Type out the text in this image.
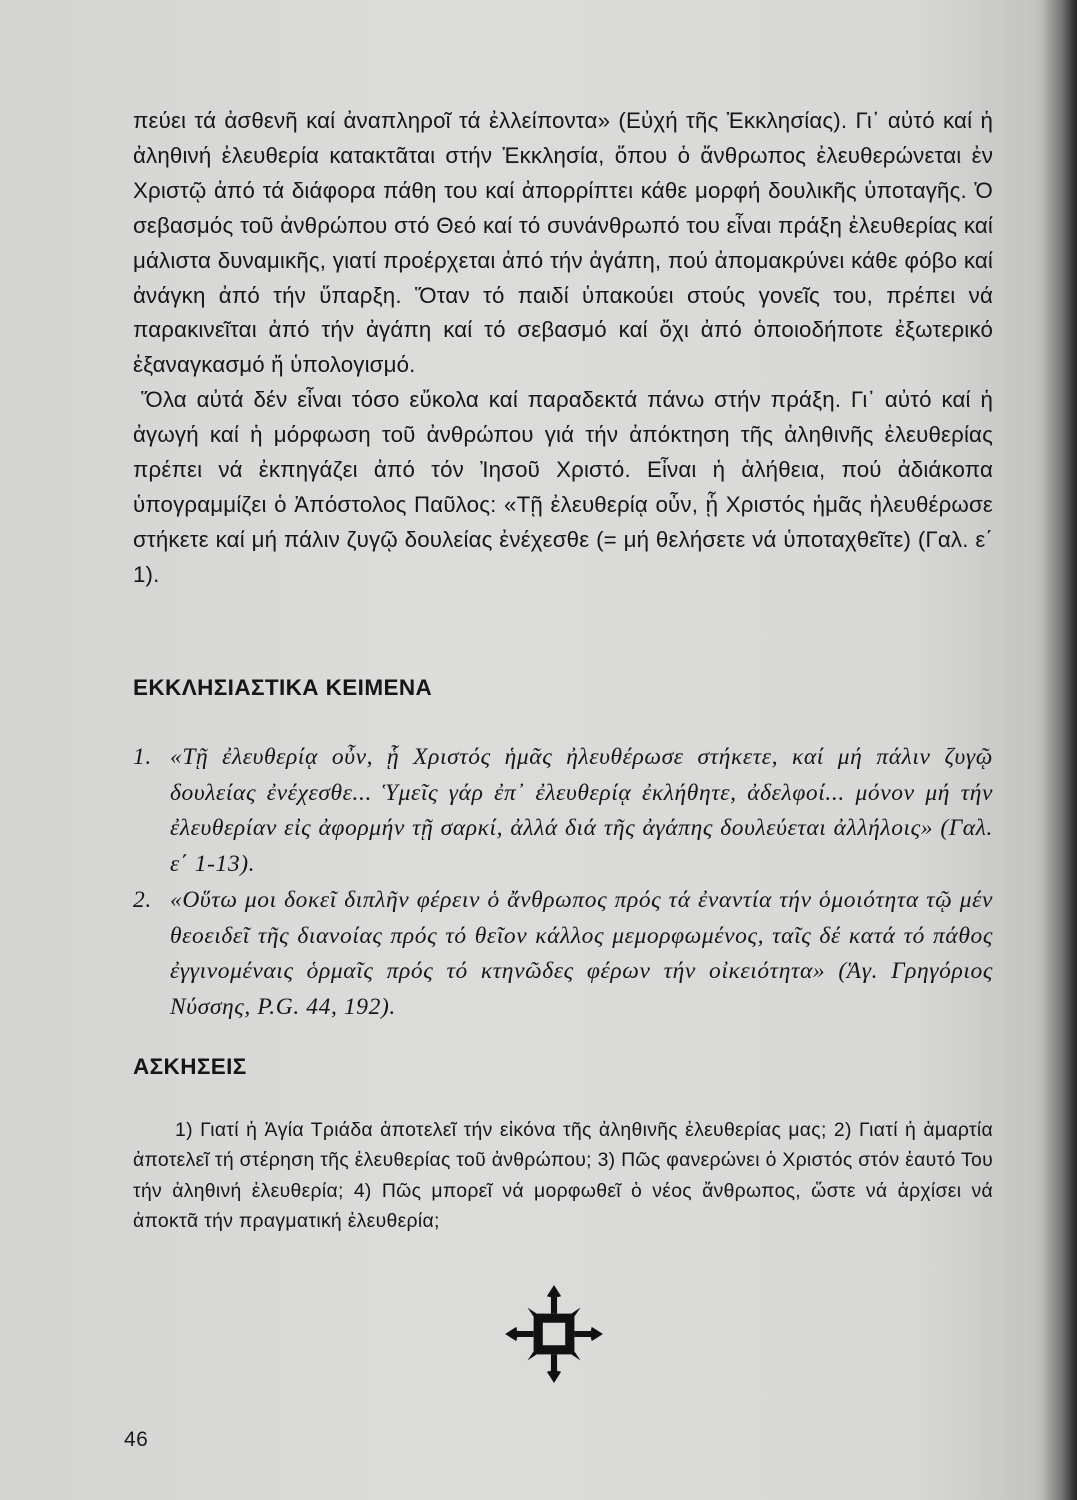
πεύει τά ἀσθενῆ καί ἀναπληροῖ τά ἐλλείποντα» (Εὐχή τῆς Ἐκκλησίας). Γι᾿ αὐτό καί ἡ ἀληθινή ἐλευθερία κατακτᾶται στήν Ἐκκλησία, ὅπου ὁ ἄνθρωπος ἐλευθερώνεται ἐν Χριστῷ ἀπό τά διάφορα πάθη του καί ἀπορρίπτει κάθε μορφή δουλικῆς ὑποταγῆς. Ὁ σεβασμός τοῦ ἀνθρώπου στό Θεό καί τό συνάνθρωπό του εἶναι πράξη ἐλευθερίας καί μάλιστα δυναμικῆς, γιατί προέρχεται ἀπό τήν ἀγάπη, πού ἀπομακρύνει κάθε φόβο καί ἀνάγκη ἀπό τήν ὕπαρξη. Ὅταν τό παιδί ὑπακούει στούς γονεῖς του, πρέπει νά παρακινεῖται ἀπό τήν ἀγάπη καί τό σεβασμό καί ὄχι ἀπό ὁποιοδήποτε ἐξωτερικό ἐξαναγκασμό ἤ ὑπολογισμό.

Ὅλα αὐτά δέν εἶναι τόσο εὔκολα καί παραδεκτά πάνω στήν πράξη. Γι᾿ αὐτό καί ἡ ἀγωγή καί ἡ μόρφωση τοῦ ἀνθρώπου γιά τήν ἀπόκτηση τῆς ἀληθινῆς ἐλευθερίας πρέπει νά ἐκπηγάζει ἀπό τόν Ἰησοῦ Χριστό. Εἶναι ἡ ἀλήθεια, πού ἀδιάκοπα ὑπογραμμίζει ὁ Ἀπόστολος Παῦλος: «Τῇ ἐλευθερίᾳ οὖν, ᾗ Χριστός ἡμᾶς ἠλευθέρωσε στήκετε καί μή πάλιν ζυγῷ δουλείας ἐνέχεσθε (= μή θελήσετε νά ὑποταχθεῖτε) (Γαλ. ε΄ 1).

ΕΚΚΛΗΣΙΑΣΤΙΚΑ ΚΕΙΜΕΝΑ
1. «Τῇ ἐλευθερίᾳ οὖν, ᾗ Χριστός ἡμᾶς ἠλευθέρωσε στήκετε, καί μή πάλιν ζυγῷ δουλείας ἐνέχεσθε... Ὑμεῖς γάρ ἐπ᾿ ἐλευθερίᾳ ἐκλήθητε, ἀδελφοί... μόνον μή τήν ἐλευθερίαν εἰς ἀφορμήν τῇ σαρκί, ἀλλά διά τῆς ἀγάπης δουλεύεται ἀλλήλοις» (Γαλ. ε΄ 1-13).
2. «Οὕτω μοι δοκεῖ διπλῆν φέρειν ὁ ἄνθρωπος πρός τά ἐναντία τήν ὁμοιότητα τῷ μέν θεοειδεῖ τῆς διανοίας πρός τό θεῖον κάλλος μεμορφωμένος, ταῖς δέ κατά τό πάθος ἐγγινομέναις ὁρμαῖς πρός τό κτηνῶδες φέρων τήν οἰκειότητα» (Ἁγ. Γρηγόριος Νύσσης, P.G. 44, 192).
ΑΣΚΗΣΕΙΣ

1) Γιατί ἡ Ἁγία Τριάδα ἀποτελεῖ τήν εἰκόνα τῆς ἀληθινῆς ἐλευθερίας μας; 2) Γιατί ἡ ἁμαρτία ἀποτελεῖ τή στέρηση τῆς ἐλευθερίας τοῦ ἀνθρώπου; 3) Πῶς φανερώνει ὁ Χριστός στόν ἑαυτό Του τήν ἀληθινή ἐλευθερία; 4) Πῶς μπορεῖ νά μορφωθεῖ ὁ νέος ἄνθρωπος, ὥστε νά ἀρχίσει νά ἀποκτᾶ τήν πραγματική ἐλευθερία;

46
